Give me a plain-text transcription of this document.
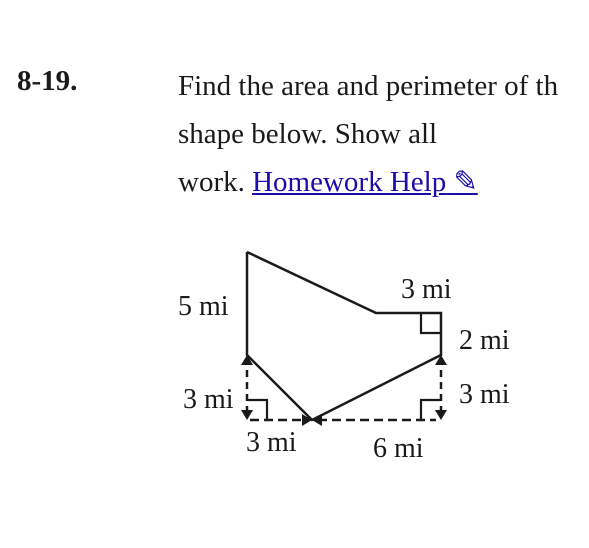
8-19.	Find the area and perimeter of th
shape below. Show all
work. Homework Help ✎
5 mi
3 mi
2 mi
3 mi
3 mi
3 mi	6 mi
